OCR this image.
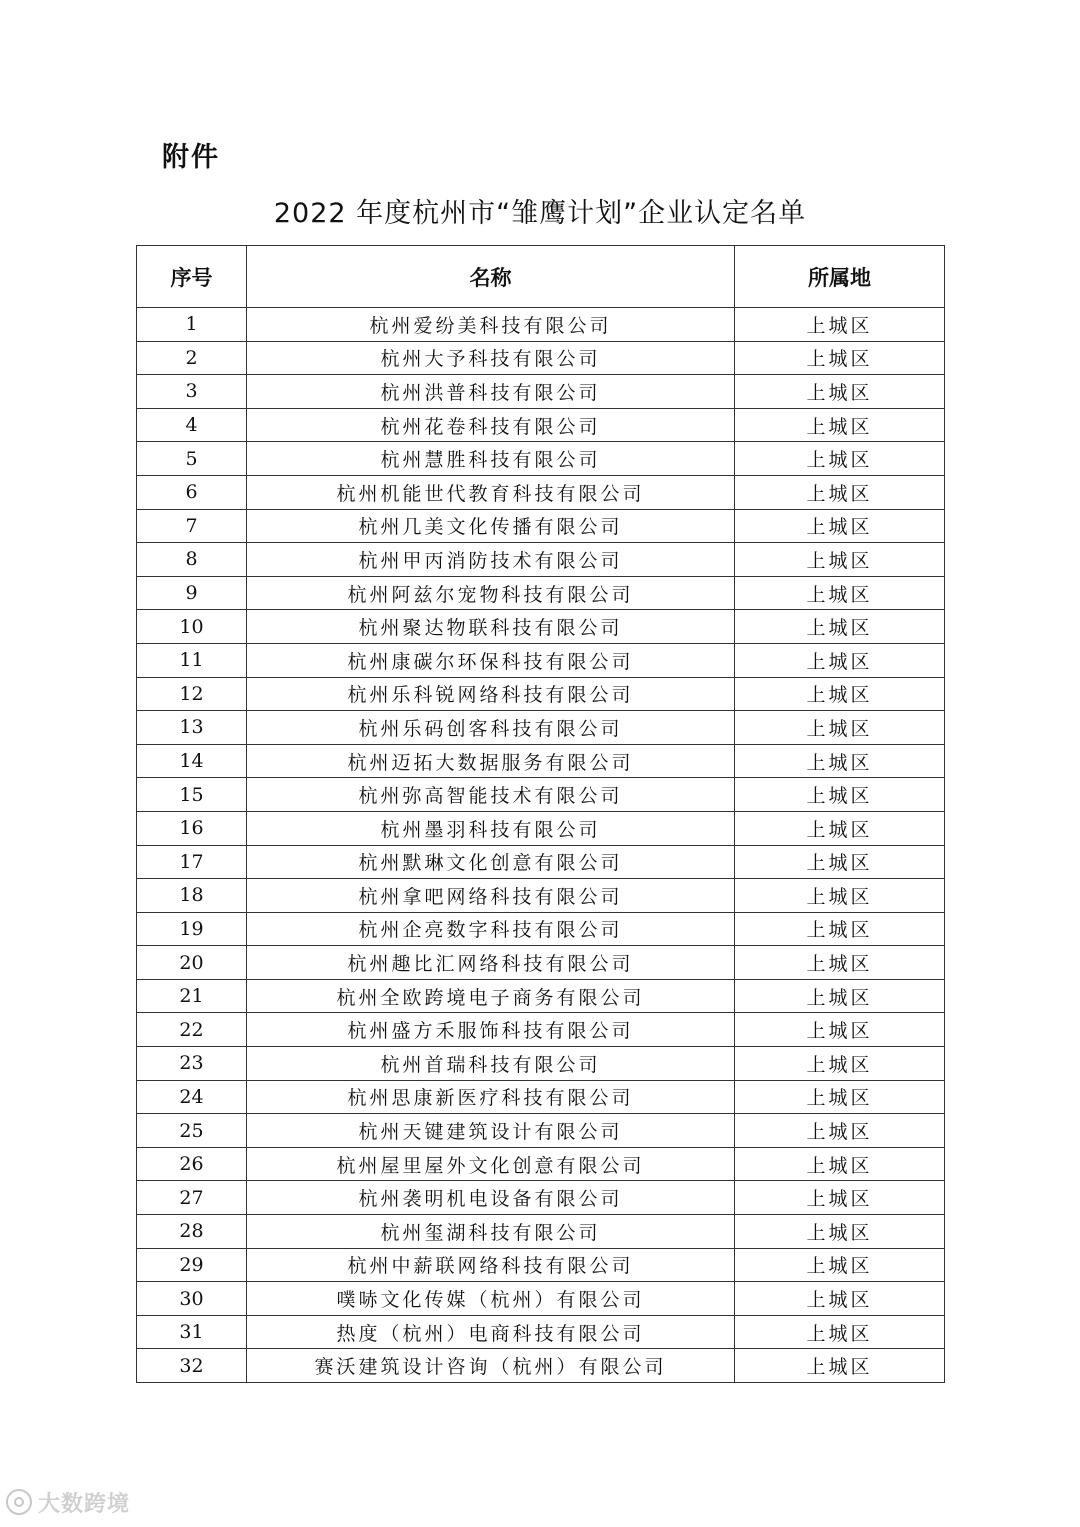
附件
2022 年度杭州市“雏鹰计划”企业认定名单
序号	名称	所属地
1	杭州爱纷美科技有限公司	上城区
2	杭州大予科技有限公司	上城区
3	杭州洪普科技有限公司	上城区
4	杭州花卷科技有限公司	上城区
5	杭州慧胜科技有限公司	上城区
6	杭州机能世代教育科技有限公司	上城区
7	杭州几美文化传播有限公司	上城区
8	杭州甲丙消防技术有限公司	上城区
9	杭州阿兹尔宠物科技有限公司	上城区
10	杭州聚达物联科技有限公司	上城区
11	杭州康碳尔环保科技有限公司	上城区
12	杭州乐科锐网络科技有限公司	上城区
13	杭州乐码创客科技有限公司	上城区
14	杭州迈拓大数据服务有限公司	上城区
15	杭州弥高智能技术有限公司	上城区
16	杭州墨羽科技有限公司	上城区
17	杭州默琳文化创意有限公司	上城区
18	杭州拿吧网络科技有限公司	上城区
19	杭州企亮数字科技有限公司	上城区
20	杭州趣比汇网络科技有限公司	上城区
21	杭州全欧跨境电子商务有限公司	上城区
22	杭州盛方禾服饰科技有限公司	上城区
23	杭州首瑞科技有限公司	上城区
24	杭州思康新医疗科技有限公司	上城区
25	杭州天键建筑设计有限公司	上城区
26	杭州屋里屋外文化创意有限公司	上城区
27	杭州袭明机电设备有限公司	上城区
28	杭州玺湖科技有限公司	上城区
29	杭州中薪联网络科技有限公司	上城区
30	噗哧文化传媒（杭州）有限公司	上城区
31	热度（杭州）电商科技有限公司	上城区
32	赛沃建筑设计咨询（杭州）有限公司	上城区
大数跨境
